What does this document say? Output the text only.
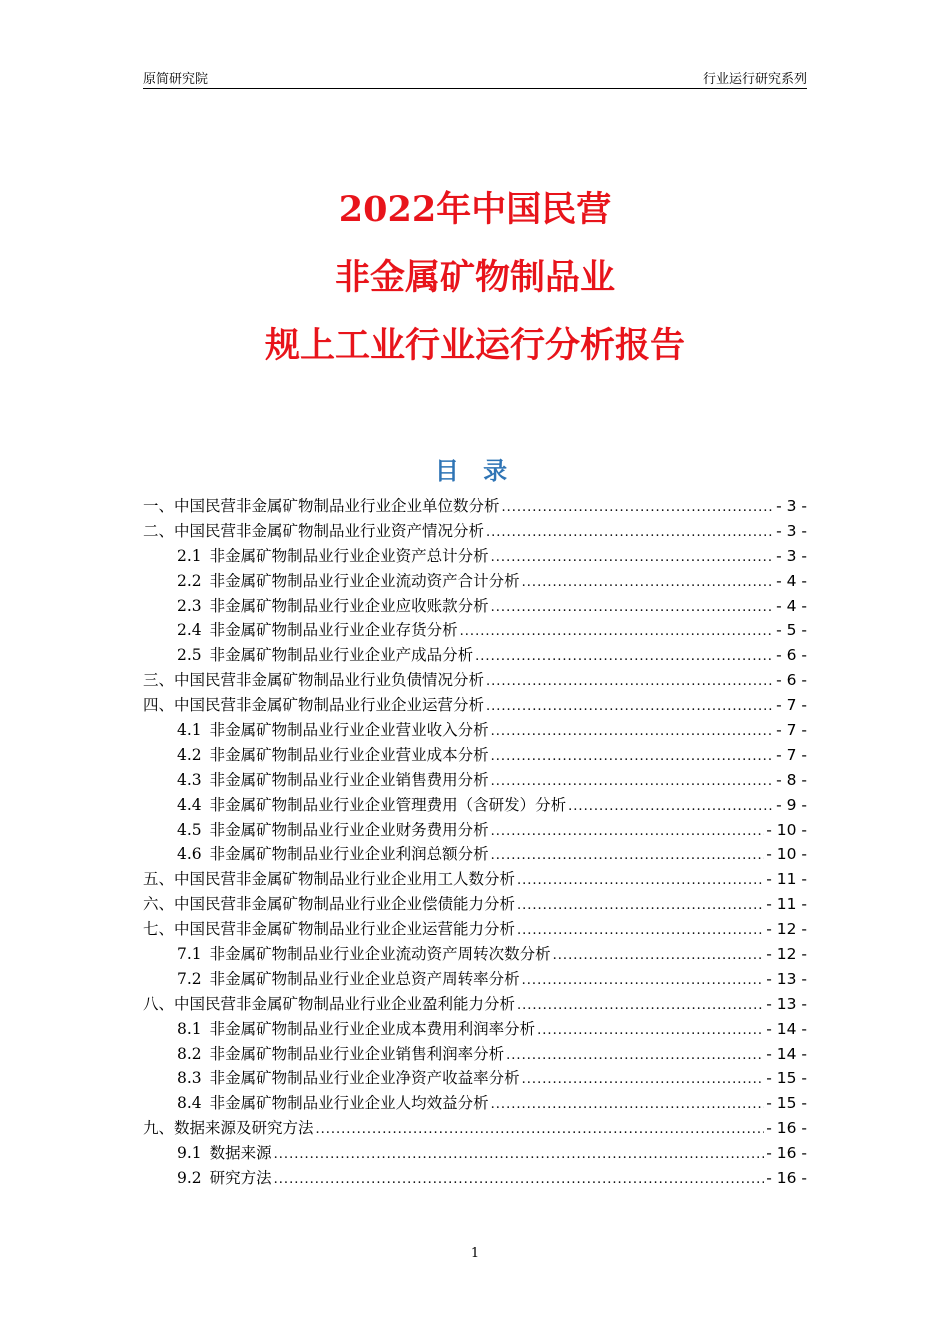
原简研究院	行业运行研究系列
2022年中国民营
非金属矿物制品业
规上工业行业运行分析报告
目 录
一、中国民营非金属矿物制品业行业企业单位数分析 .....	- 3 -
二、中国民营非金属矿物制品业行业资产情况分析 .....	- 3 -
2.1 非金属矿物制品业行业企业资产总计分析 .....	- 3 -
2.2 非金属矿物制品业行业企业流动资产合计分析 .....	- 4 -
2.3 非金属矿物制品业行业企业应收账款分析 .....	- 4 -
2.4 非金属矿物制品业行业企业存货分析 .....	- 5 -
2.5 非金属矿物制品业行业企业产成品分析 .....	- 6 -
三、中国民营非金属矿物制品业行业负债情况分析 .....	- 6 -
四、中国民营非金属矿物制品业行业企业运营分析 .....	- 7 -
4.1 非金属矿物制品业行业企业营业收入分析 .....	- 7 -
4.2 非金属矿物制品业行业企业营业成本分析 .....	- 7 -
4.3 非金属矿物制品业行业企业销售费用分析 .....	- 8 -
4.4 非金属矿物制品业行业企业管理费用（含研发）分析 .....	- 9 -
4.5 非金属矿物制品业行业企业财务费用分析 .....	- 10 -
4.6 非金属矿物制品业行业企业利润总额分析 .....	- 10 -
五、中国民营非金属矿物制品业行业企业用工人数分析 .....	- 11 -
六、中国民营非金属矿物制品业行业企业偿债能力分析 .....	- 11 -
七、中国民营非金属矿物制品业行业企业运营能力分析 .....	- 12 -
7.1 非金属矿物制品业行业企业流动资产周转次数分析 .....	- 12 -
7.2 非金属矿物制品业行业企业总资产周转率分析 .....	- 13 -
八、中国民营非金属矿物制品业行业企业盈利能力分析 .....	- 13 -
8.1 非金属矿物制品业行业企业成本费用利润率分析 .....	- 14 -
8.2 非金属矿物制品业行业企业销售利润率分析 .....	- 14 -
8.3 非金属矿物制品业行业企业净资产收益率分析 .....	- 15 -
8.4 非金属矿物制品业行业企业人均效益分析 .....	- 15 -
九、数据来源及研究方法 .....	- 16 -
9.1 数据来源 .....	- 16 -
9.2 研究方法 .....	- 16 -
1
